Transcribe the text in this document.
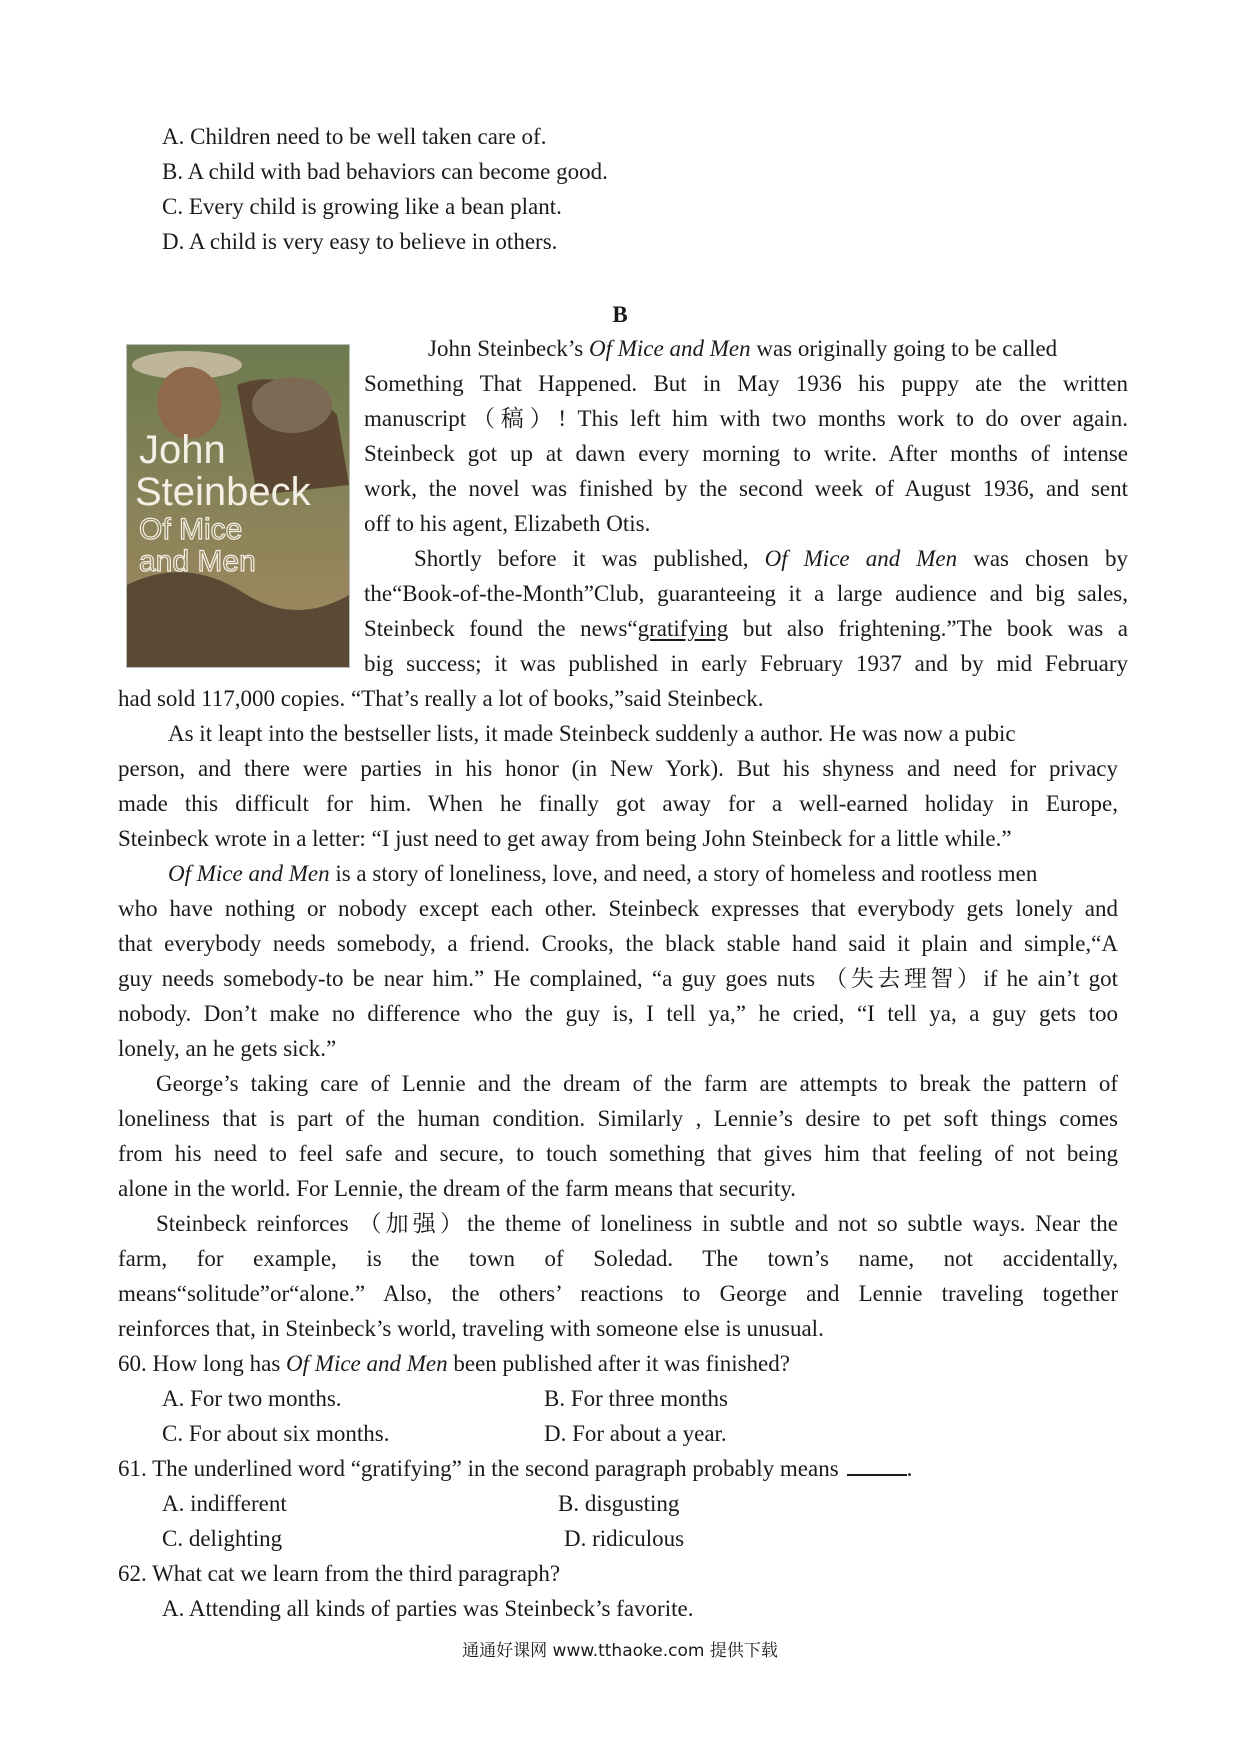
A. Children need to be well taken care of.
B. A child with bad behaviors can become good.
C. Every child is growing like a bean plant.
D. A child is very easy to believe in others.
B
John
Steinbeck
Of Mice
and Men
John Steinbeck’s Of Mice and Men was originally going to be called
Something That Happened. But in May 1936 his puppy ate the written
manuscript（稿）! This left him with two months work to do over again.
Steinbeck got up at dawn every morning to write. After months of intense
work, the novel was finished by the second week of August 1936, and sent
off to his agent, Elizabeth Otis.
Shortly before it was published, Of Mice and Men was chosen by
the“Book-of-the-Month”Club, guaranteeing it a large audience and big sales,
Steinbeck found the news“gratifying but also frightening.”The book was a
big success; it was published in early February 1937 and by mid February
had sold 117,000 copies. “That’s really a lot of books,”said Steinbeck.
As it leapt into the bestseller lists, it made Steinbeck suddenly a author. He was now a pubic
person, and there were parties in his honor (in New York). But his shyness and need for privacy
made this difficult for him. When he finally got away for a well-earned holiday in Europe,
Steinbeck wrote in a letter: “I just need to get away from being John Steinbeck for a little while.”
Of Mice and Men is a story of loneliness, love, and need, a story of homeless and rootless men
who have nothing or nobody except each other. Steinbeck expresses that everybody gets lonely and
that everybody needs somebody, a friend. Crooks, the black stable hand said it plain and simple,“A
guy needs somebody-to be near him.” He complained, “a guy goes nuts （失去理智）if he ain’t got
nobody. Don’t make no difference who the guy is, I tell ya,” he cried, “I tell ya, a guy gets too
lonely, an he gets sick.”
George’s taking care of Lennie and the dream of the farm are attempts to break the pattern of
loneliness that is part of the human condition. Similarly , Lennie’s desire to pet soft things comes
from his need to feel safe and secure, to touch something that gives him that feeling of not being
alone in the world. For Lennie, the dream of the farm means that security.
Steinbeck reinforces （加强）the theme of loneliness in subtle and not so subtle ways. Near the
farm, for example, is the town of Soledad. The town’s name, not accidentally,
means“solitude”or“alone.” Also, the others’ reactions to George and Lennie traveling together
reinforces that, in Steinbeck’s world, traveling with someone else is unusual.
60. How long has Of Mice and Men been published after it was finished?
A. For two months.	B. For three months
C. For about six months.	D. For about a year.
61. The underlined word “gratifying” in the second paragraph probably means	.
A. indifferent	B. disgusting
C. delighting	D. ridiculous
62. What cat we learn from the third paragraph?
A. Attending all kinds of parties was Steinbeck’s favorite.
通通好课网 www.tthaoke.com 提供下载
